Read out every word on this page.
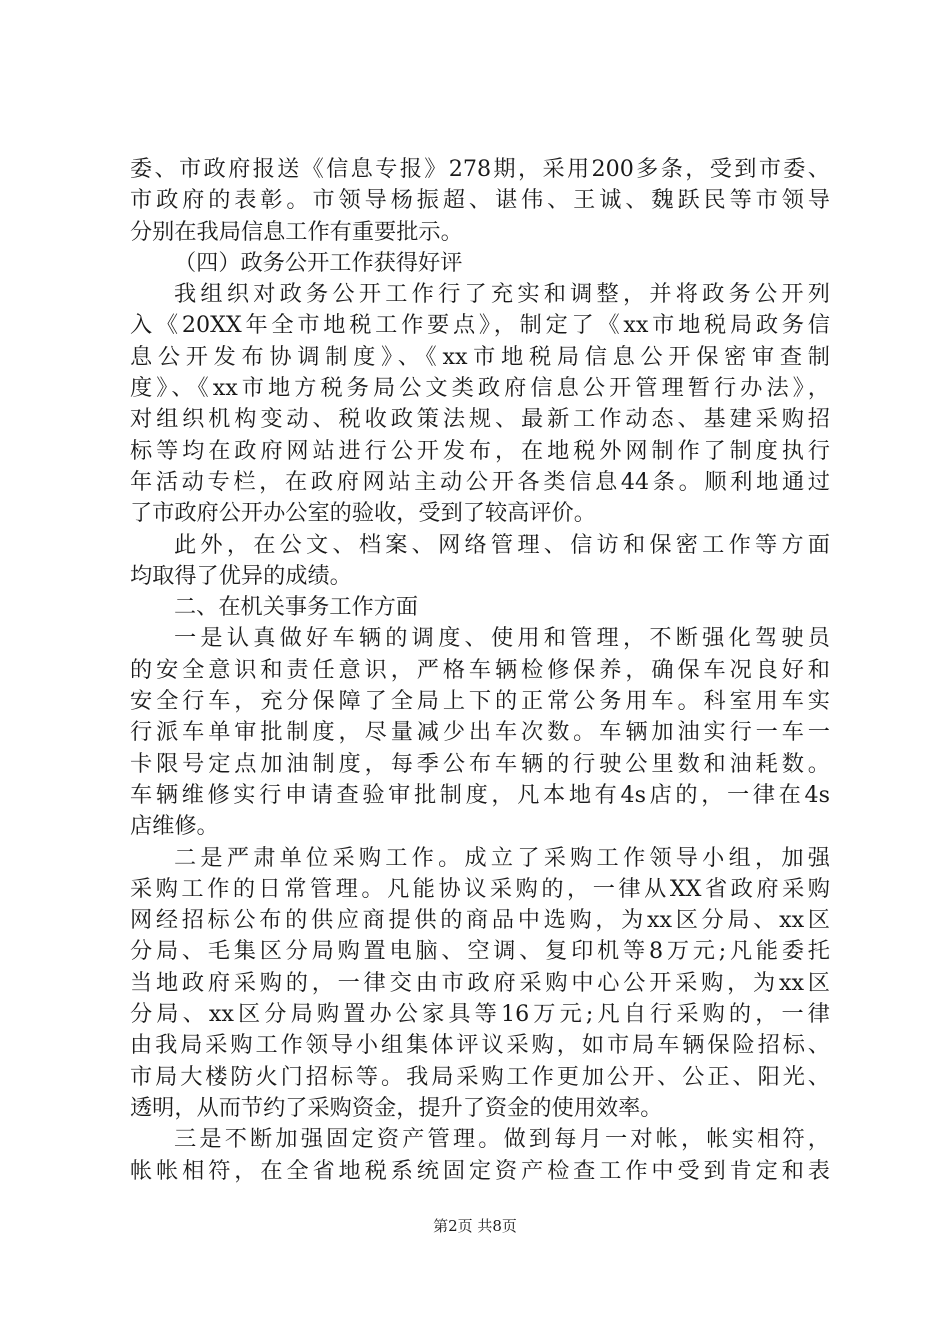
委、市政府报送《信息专报》278期，采用200多条，受到市委、

市政府的表彰。市领导杨振超、谌伟、王诚、魏跃民等市领导

分别在我局信息工作有重要批示。

（四）政务公开工作获得好评

我组织对政务公开工作行了充实和调整，并将政务公开列

入《20XX年全市地税工作要点》，制定了《xx市地税局政务信

息公开发布协调制度》、《xx市地税局信息公开保密审查制

度》、《xx市地方税务局公文类政府信息公开管理暂行办法》，

对组织机构变动、税收政策法规、最新工作动态、基建采购招

标等均在政府网站进行公开发布，在地税外网制作了制度执行

年活动专栏，在政府网站主动公开各类信息44条。顺利地通过

了市政府公开办公室的验收，受到了较高评价。

此外，在公文、档案、网络管理、信访和保密工作等方面

均取得了优异的成绩。

二、在机关事务工作方面

一是认真做好车辆的调度、使用和管理，不断强化驾驶员

的安全意识和责任意识，严格车辆检修保养，确保车况良好和

安全行车，充分保障了全局上下的正常公务用车。科室用车实

行派车单审批制度，尽量减少出车次数。车辆加油实行一车一

卡限号定点加油制度，每季公布车辆的行驶公里数和油耗数。

车辆维修实行申请查验审批制度，凡本地有4s店的，一律在4s

店维修。

二是严肃单位采购工作。成立了采购工作领导小组，加强

采购工作的日常管理。凡能协议采购的，一律从XX省政府采购

网经招标公布的供应商提供的商品中选购，为xx区分局、xx区

分局、毛集区分局购置电脑、空调、复印机等8万元;凡能委托

当地政府采购的，一律交由市政府采购中心公开采购，为xx区

分局、xx区分局购置办公家具等16万元;凡自行采购的，一律

由我局采购工作领导小组集体评议采购，如市局车辆保险招标、

市局大楼防火门招标等。我局采购工作更加公开、公正、阳光、

透明，从而节约了采购资金，提升了资金的使用效率。

三是不断加强固定资产管理。做到每月一对帐，帐实相符，

帐帐相符，在全省地税系统固定资产检查工作中受到肯定和表

第2页 共8页
